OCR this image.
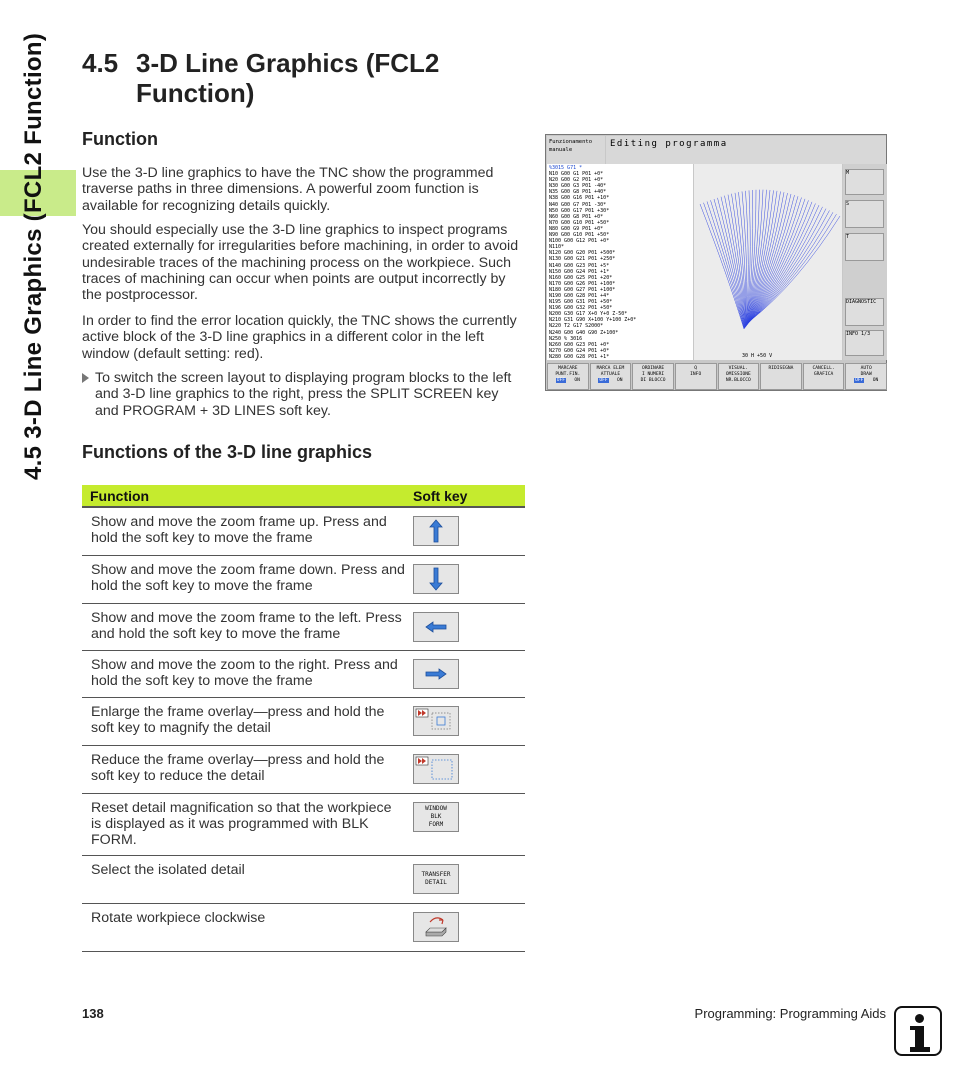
4.5 3-D Line Graphics (FCL2 Function) 4.5 3-D Line Graphics (FCL2
Function)
Function

Use the 3-D line graphics to have the TNC show the programmed traverse paths in three dimensions. A powerful zoom function is available for recognizing details quickly.

You should especially use the 3-D line graphics to inspect programs created externally for irregularities before machining, in order to avoid undesirable traces of the machining process on the workpiece. Such traces of machining can occur when points are output incorrectly by the postprocessor.

In order to find the error location quickly, the TNC shows the currently active block of the 3-D line graphics in a different color in the left window (default setting: red).

To switch the screen layout to displaying program blocks to the left and 3-D line graphics to the right, press the SPLIT SCREEN key and PROGRAM + 3D LINES soft key.
Functions of the 3-D line graphics
Function	Soft key
Show and move the zoom frame up. Press and hold the soft key to move the frame	

Show and move the zoom frame down. Press and hold the soft key to move the frame	

Show and move the zoom frame to the left. Press and hold the soft key to move the frame	

Show and move the zoom to the right. Press and hold the soft key to move the frame	

Enlarge the frame overlay—press and hold the soft key to magnify the detail	

Reduce the frame overlay—press and hold the soft key to reduce the detail	

Reset detail magnification so that the workpiece is displayed as it was programmed with BLK FORM.	WINDOW
BLK
FORM

Select the isolated detail	TRANSFER
DETAIL

Rotate workpiece clockwise	
Funzionamento manuale
Editing programma
%3015 G71 *
N10 G00 G1 P01 +0*
N20 G00 G2 P01 +0*
N30 G00 G3 P01 -40*
N35 G00 G8 P01 +40*
N38 G00 G16 P01 +10*
N40 G00 G7 P01 -30*
N50 G00 G17 P01 +30*
N60 G00 G8 P01 +0*
N70 G00 G10 P01 +50*
N80 G00 G9 P01 +0*
N90 G00 G10 P01 +50*
N100 G00 G12 P01 +0*
N110*
N120 G00 G20 P01 +500*
N130 G00 G21 P01 +250*
N140 G00 G23 P01 +5*
N150 G00 G24 P01 +1*
N160 G00 G25 P01 +20*
N170 G00 G26 P01 +100*
N180 G00 G27 P01 +100*
N190 G00 G28 P01 +4*
N195 G00 G31 P01 +50*
N196 G00 G32 P01 +50*
N200 G30 G17 X+0 Y+0 Z-50*
N210 G31 G90 X+100 Y+100 Z+0*
N220 T2 G17 S2000*
N240 G00 G40 G90 Z+100*
N250 % 3016
N260 G00 G23 P01 +0*
N270 G00 G24 P01 +0*
N280 G00 G28 P01 +1*	30 H +50 V
M
S
T
DIAGNOSTIC
INFO 1/3
MARCARE
PUNT.FIN.
OFF   ON
MARCA ELEM
ATTUALE
OFF   ON
ORDINARE
I NUMERI
DI BLOCCO
Q
INFO
VISUAL.
OMISSIONE
NR.BLOCCO
RIDISEGNA	CANCELL.
GRAFICA
AUTO
DRAW
OFF   ON
138	Programming: Programming Aids
